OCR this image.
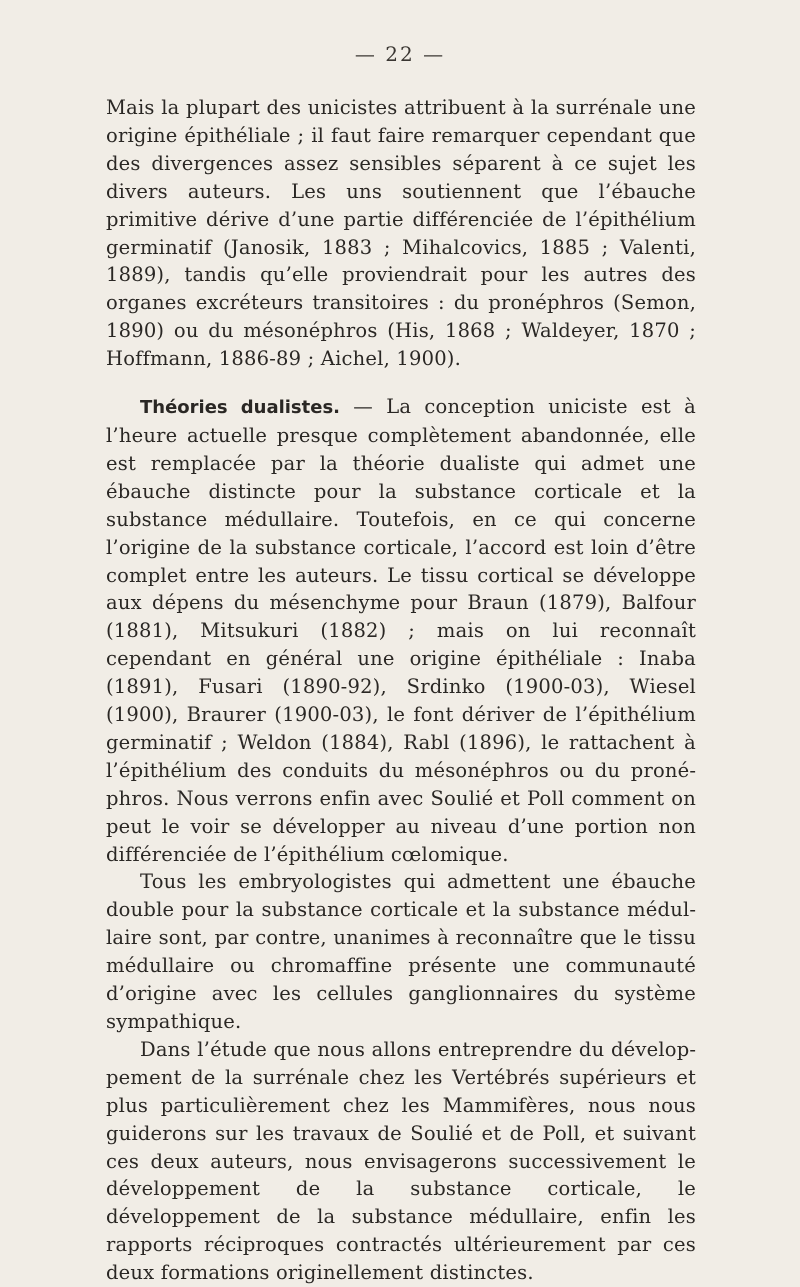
— 22 —

Mais la plupart des unicistes attribuent à la surrénale une origine épithéliale ; il faut faire remarquer cependant que des divergences assez sensibles séparent à ce sujet les divers auteurs. Les uns soutiennent que l’ébauche primitive dérive d’une partie différenciée de l’épithélium germinatif (Janosik, 1883 ; Mihalcovics, 1885 ; Valenti, 1889), tandis qu’elle proviendrait pour les autres des organes excréteurs transitoires : du pronéphros (Semon, 1890) ou du mésonéphros (His, 1868 ; Waldeyer, 1870 ; Hoffmann, 1886-89 ; Aichel, 1900).

Théories dualistes. — La conception uniciste est à l’heure actuelle presque complètement abandonnée, elle est remplacée par la théorie dualiste qui admet une ébauche distincte pour la substance corticale et la substance médullaire. Toutefois, en ce qui concerne l’origine de la substance corticale, l’accord est loin d’être complet entre les auteurs. Le tissu cortical se développe aux dépens du mésenchyme pour Braun (1879), Balfour (1881), Mitsukuri (1882) ; mais on lui reconnaît cependant en général une origine épithéliale : Inaba (1891), Fusari (1890-92), Srdinko (1900-03), Wiesel (1900), Braurer (1900-03), le font dériver de l’épithélium germinatif ; Weldon (1884), Rabl (1896), le rattachent à l’épithélium des conduits du mésonéphros ou du pronéphros. Nous verrons enfin avec Soulié et Poll comment on peut le voir se développer au niveau d’une portion non différenciée de l’épithélium cœlomique.

Tous les embryologistes qui admettent une ébauche double pour la substance corticale et la substance médullaire sont, par contre, unanimes à reconnaître que le tissu médullaire ou chromaffine présente une communauté d’origine avec les cellules ganglionnaires du système sympathique.

Dans l’étude que nous allons entreprendre du développement de la surrénale chez les Vertébrés supérieurs et plus particulièrement chez les Mammifères, nous nous guiderons sur les travaux de Soulié et de Poll, et suivant ces deux auteurs, nous envisagerons successivement le développement de la substance corticale, le développement de la substance médullaire, enfin les rapports réciproques contractés ultérieurement par ces deux formations originellement distinctes.
